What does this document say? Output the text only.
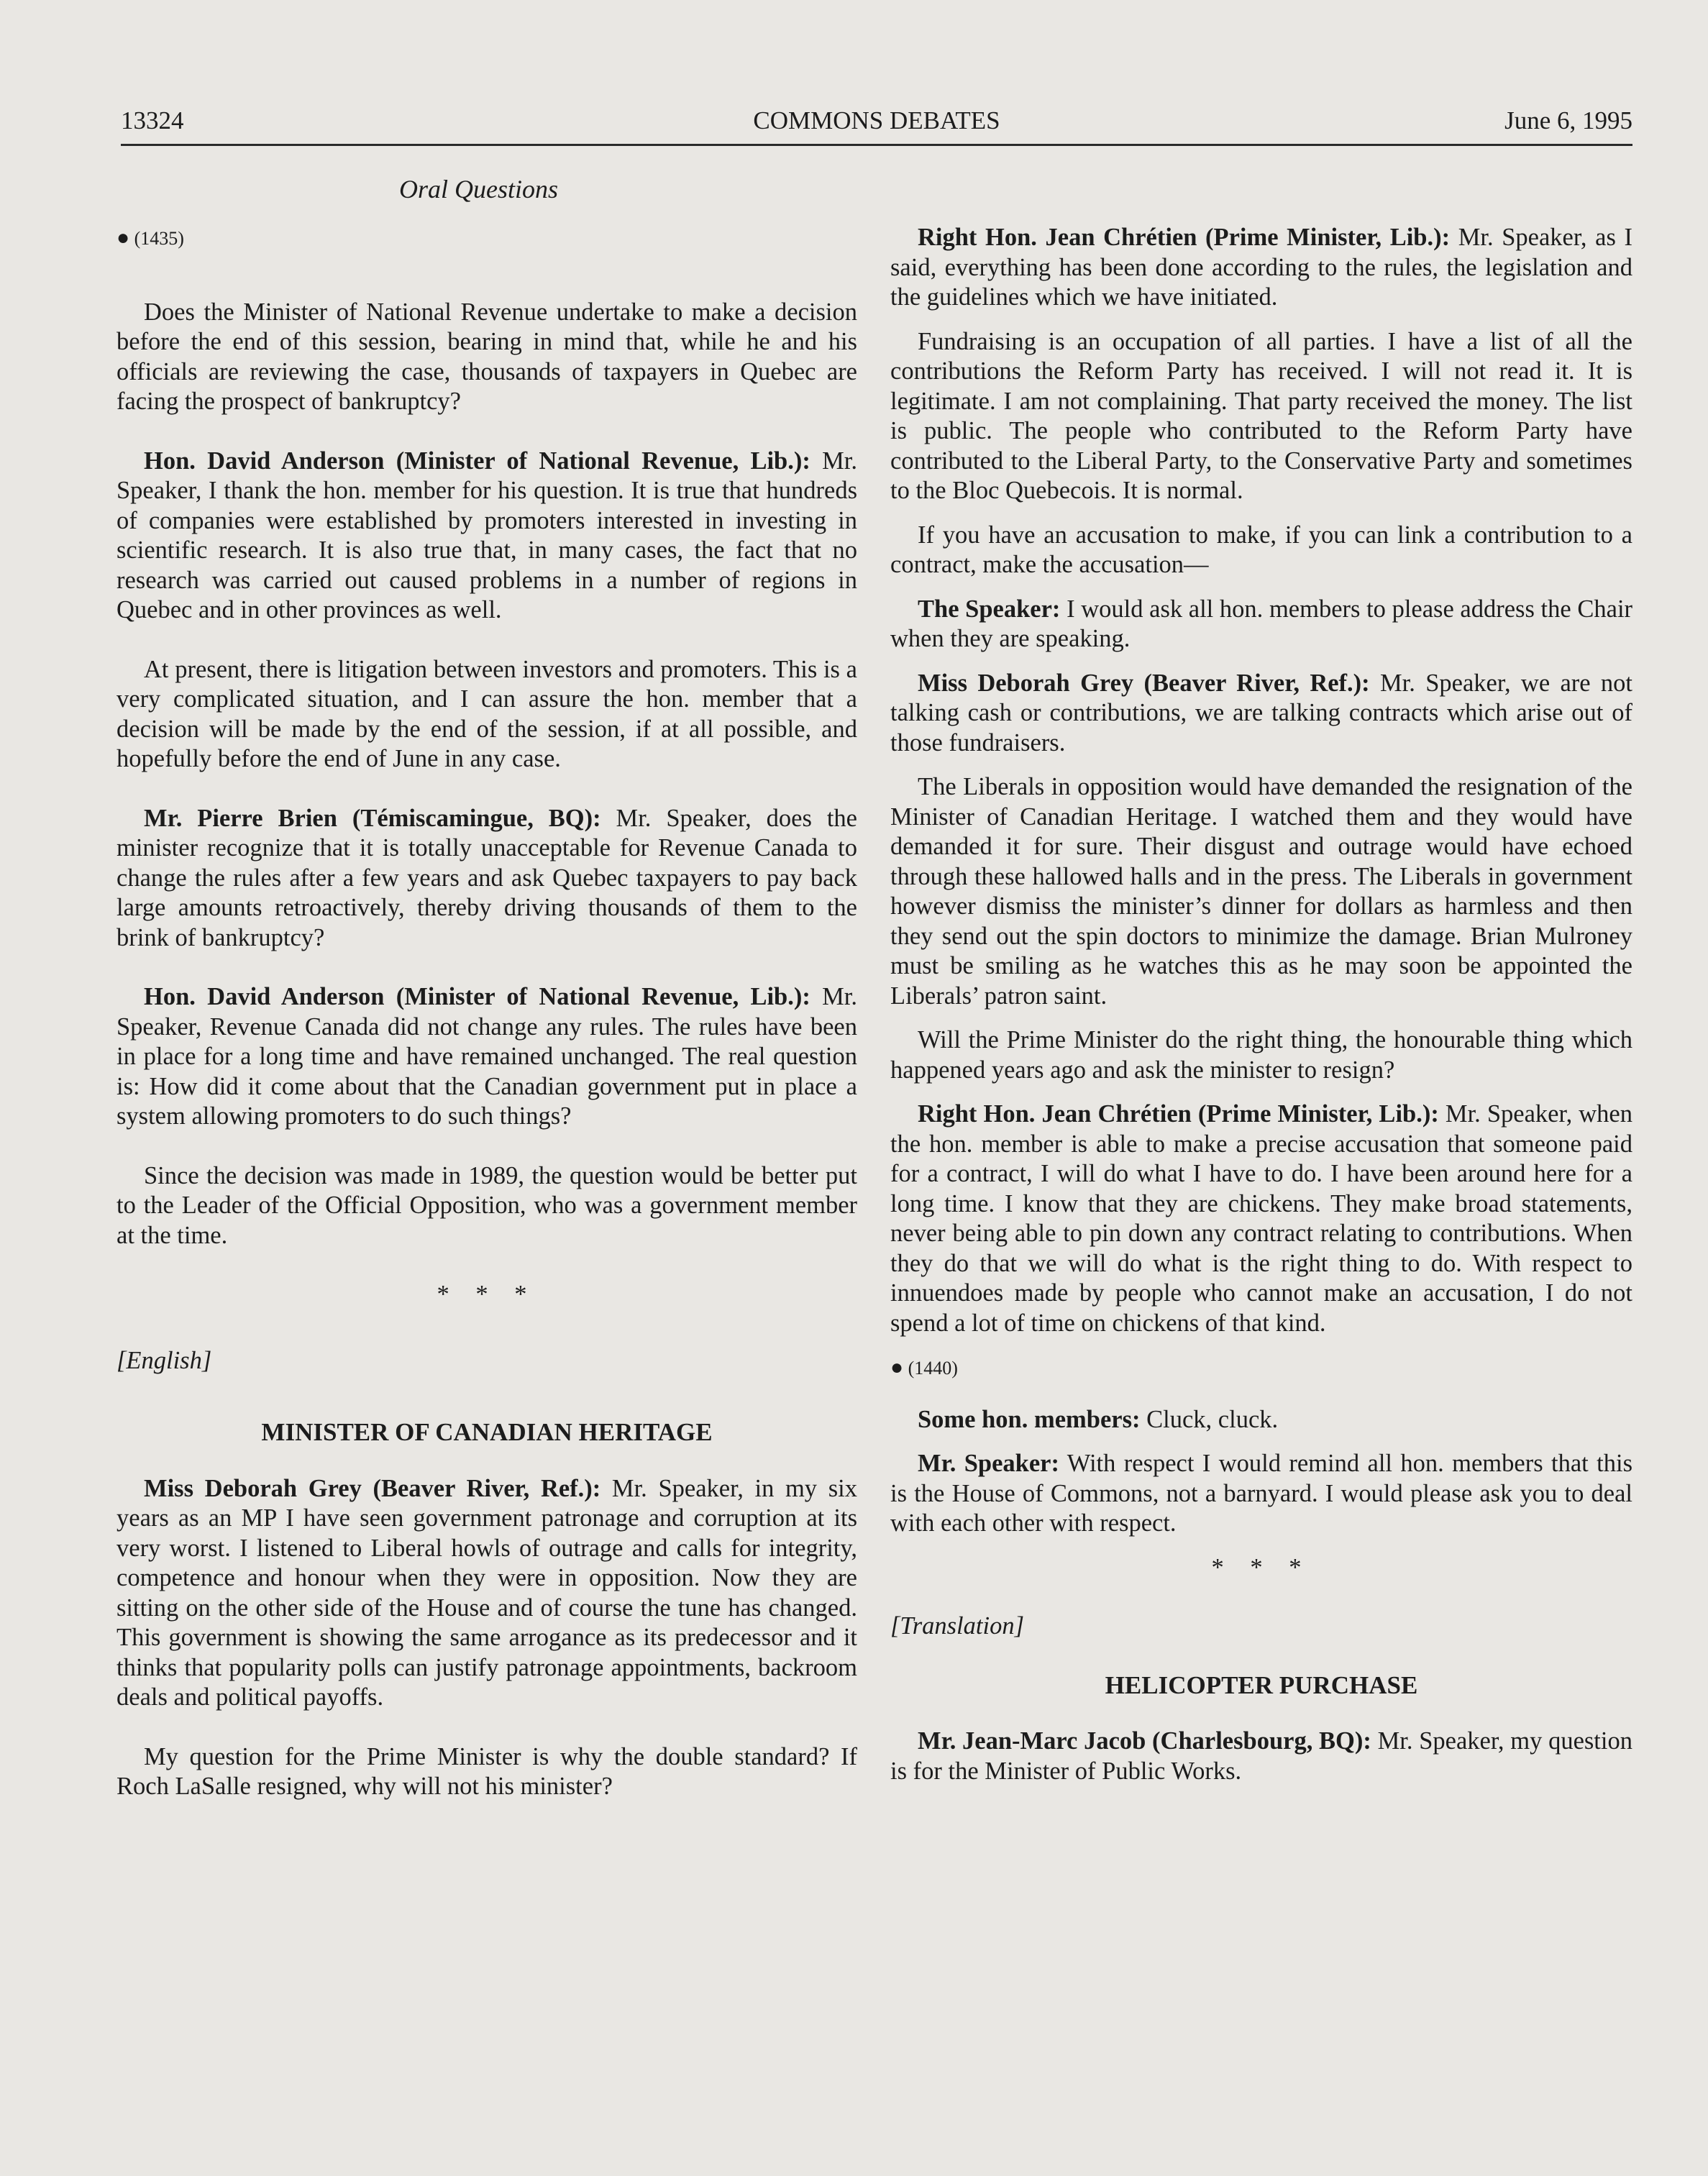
13324	COMMONS DEBATES	June 6, 1995
Oral Questions

● (1435)

Does the Minister of National Revenue undertake to make a decision before the end of this session, bearing in mind that, while he and his officials are reviewing the case, thousands of taxpayers in Quebec are facing the prospect of bankruptcy?

Hon. David Anderson (Minister of National Revenue, Lib.): Mr. Speaker, I thank the hon. member for his question. It is true that hundreds of companies were established by promoters interested in investing in scientific research. It is also true that, in many cases, the fact that no research was carried out caused problems in a number of regions in Quebec and in other provinces as well.

At present, there is litigation between investors and promoters. This is a very complicated situation, and I can assure the hon. member that a decision will be made by the end of the session, if at all possible, and hopefully before the end of June in any case.

Mr. Pierre Brien (Témiscamingue, BQ): Mr. Speaker, does the minister recognize that it is totally unacceptable for Revenue Canada to change the rules after a few years and ask Quebec taxpayers to pay back large amounts retroactively, thereby driving thousands of them to the brink of bankruptcy?

Hon. David Anderson (Minister of National Revenue, Lib.): Mr. Speaker, Revenue Canada did not change any rules. The rules have been in place for a long time and have remained unchanged. The real question is: How did it come about that the Canadian government put in place a system allowing promoters to do such things?

Since the decision was made in 1989, the question would be better put to the Leader of the Official Opposition, who was a government member at the time.

* * *

[English]

MINISTER OF CANADIAN HERITAGE

Miss Deborah Grey (Beaver River, Ref.): Mr. Speaker, in my six years as an MP I have seen government patronage and corruption at its very worst. I listened to Liberal howls of outrage and calls for integrity, competence and honour when they were in opposition. Now they are sitting on the other side of the House and of course the tune has changed. This government is showing the same arrogance as its predecessor and it thinks that popularity polls can justify patronage appointments, backroom deals and political payoffs.

My question for the Prime Minister is why the double standard? If Roch LaSalle resigned, why will not his minister?

Right Hon. Jean Chrétien (Prime Minister, Lib.): Mr. Speaker, as I said, everything has been done according to the rules, the legislation and the guidelines which we have initiated.

Fundraising is an occupation of all parties. I have a list of all the contributions the Reform Party has received. I will not read it. It is legitimate. I am not complaining. That party received the money. The list is public. The people who contributed to the Reform Party have contributed to the Liberal Party, to the Conservative Party and sometimes to the Bloc Quebecois. It is normal.

If you have an accusation to make, if you can link a contribution to a contract, make the accusation—

The Speaker: I would ask all hon. members to please address the Chair when they are speaking.

Miss Deborah Grey (Beaver River, Ref.): Mr. Speaker, we are not talking cash or contributions, we are talking contracts which arise out of those fundraisers.

The Liberals in opposition would have demanded the resignation of the Minister of Canadian Heritage. I watched them and they would have demanded it for sure. Their disgust and outrage would have echoed through these hallowed halls and in the press. The Liberals in government however dismiss the minister’s dinner for dollars as harmless and then they send out the spin doctors to minimize the damage. Brian Mulroney must be smiling as he watches this as he may soon be appointed the Liberals’ patron saint.

Will the Prime Minister do the right thing, the honourable thing which happened years ago and ask the minister to resign?

Right Hon. Jean Chrétien (Prime Minister, Lib.): Mr. Speaker, when the hon. member is able to make a precise accusation that someone paid for a contract, I will do what I have to do. I have been around here for a long time. I know that they are chickens. They make broad statements, never being able to pin down any contract relating to contributions. When they do that we will do what is the right thing to do. With respect to innuendoes made by people who cannot make an accusation, I do not spend a lot of time on chickens of that kind.

● (1440)

Some hon. members: Cluck, cluck.

Mr. Speaker: With respect I would remind all hon. members that this is the House of Commons, not a barnyard. I would please ask you to deal with each other with respect.

* * *

[Translation]

HELICOPTER PURCHASE

Mr. Jean-Marc Jacob (Charlesbourg, BQ): Mr. Speaker, my question is for the Minister of Public Works.
